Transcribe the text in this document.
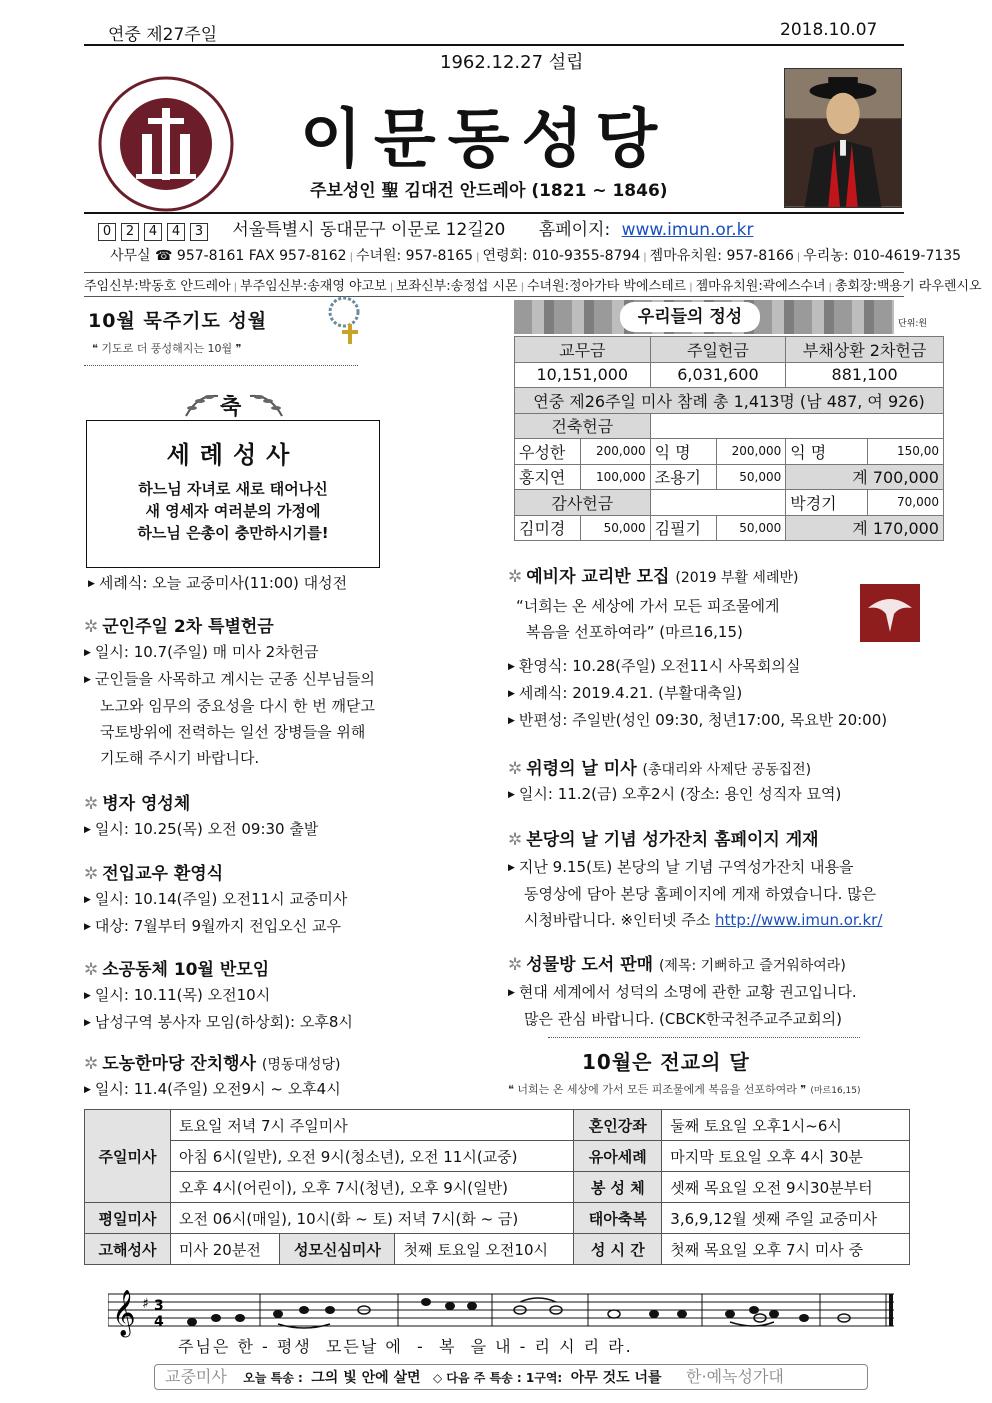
연중 제27주일	2018.10.07
1962.12.27 설립
이문동성당
주보성인 聖 김대건 안드레아 (1821 ~ 1846)
0 2 4 4 3 서울특별시 동대문구 이문로 12길20 홈페이지: www.imun.or.kr
사무실 ☎ 957-8161 FAX 957-8162 | 수녀원: 957-8165 | 연령회: 010-9355-8794 | 젬마유치원: 957-8166 | 우리농: 010-4619-7135
주임신부:박동호 안드레아 | 부주임신부:송재영 야고보 | 보좌신부:송정섭 시몬 | 수녀원:정아가타 박에스테르 | 젬마유치원:곽에스수녀 | 총회장:백용기 라우렌시오
10월 묵주기도 성월
❝ 기도로 더 풍성해지는 10월 ❞
축
세례성사
하느님 자녀로 새로 태어나신
새 영세자 여러분의 가정에
하느님 은총이 충만하시기를!
▶ 세례식: 오늘 교중미사(11:00) 대성전
✲ 군인주일 2차 특별헌금
▶ 일시: 10.7(주일) 매 미사 2차헌금
▶ 군인들을 사목하고 계시는 군종 신부님들의
노고와 임무의 중요성을 다시 한 번 깨닫고
국토방위에 전력하는 일선 장병들을 위해
기도해 주시기 바랍니다.
✲ 병자 영성체
▶ 일시: 10.25(목) 오전 09:30 출발
✲ 전입교우 환영식
▶ 일시: 10.14(주일) 오전11시 교중미사
▶ 대상: 7월부터 9월까지 전입오신 교우
✲ 소공동체 10월 반모임
▶ 일시: 10.11(목) 오전10시
▶ 남성구역 봉사자 모임(하상회): 오후8시
✲ 도농한마당 잔치행사 (명동대성당)
▶ 일시: 11.4(주일) 오전9시 ~ 오후4시
우리들의 정성	단위:원
교무금		주일헌금		부채상환 2차헌금	
10,151,000		6,031,600		881,100	
연중 제26주일 미사 참례 총 1,413명 (남 487, 여 926)					
건축헌금					
우성한	200,000	익 명	200,000	익 명	150,00
홍지연	100,000	조용기	50,000	계 700,000	
감사헌금				박경기	70,000
김미경	50,000	김필기	50,000	계 170,000	
✲ 예비자 교리반 모집 (2019 부활 세례반)
“너희는 온 세상에 가서 모든 피조물에게
복음을 선포하여라” (마르16,15)
▶ 환영식: 10.28(주일) 오전11시 사목회의실
▶ 세례식: 2019.4.21. (부활대축일)
▶ 반편성: 주일반(성인 09:30, 청년17:00, 목요반 20:00)
✲ 위령의 날 미사 (총대리와 사제단 공동집전)
▶ 일시: 11.2(금) 오후2시 (장소: 용인 성직자 묘역)
✲ 본당의 날 기념 성가잔치 홈페이지 게재
▶ 지난 9.15(토) 본당의 날 기념 구역성가잔치 내용을
동영상에 담아 본당 홈페이지에 게재 하였습니다. 많은
시청바랍니다. ※인터넷 주소 http://www.imun.or.kr/
✲ 성물방 도서 판매 (제목: 기뻐하고 즐거워하여라)
▶ 현대 세계에서 성덕의 소명에 관한 교황 권고입니다.
많은 관심 바랍니다. (CBCK한국천주교주교회의)
10월은 전교의 달
❝ 너희는 온 세상에 가서 모든 피조물에게 복음을 선포하여라 ❞ (마르16,15)
주일미사	토요일 저녁 7시 주일미사			혼인강좌	둘째 토요일 오후1시~6시
	아침 6시(일반), 오전 9시(청소년), 오전 11시(교중)			유아세례	마지막 토요일 오후 4시 30분
	오후 4시(어린이), 오후 7시(청년), 오후 9시(일반)			봉 성 체	셋째 목요일 오전 9시30분부터
평일미사	오전 06시(매일), 10시(화 ~ 토) 저녁 7시(화 ~ 금)			태아축복	3,6,9,12월 셋째 주일 교중미사
고해성사	미사 20분전	성모신심미사	첫째 토요일 오전10시	성 시 간	첫째 목요일 오후 7시 미사 중
𝄞 ♯ 3
4
주님은 한 - 평생  모든날 에  -  복  을 내 - 리 시 리 라.
교중미사 오늘 특송 : 그의 빛 안에 살면 ◇ 다음 주 특송 : 1구역: 아무 것도 너를 한·예녹성가대
